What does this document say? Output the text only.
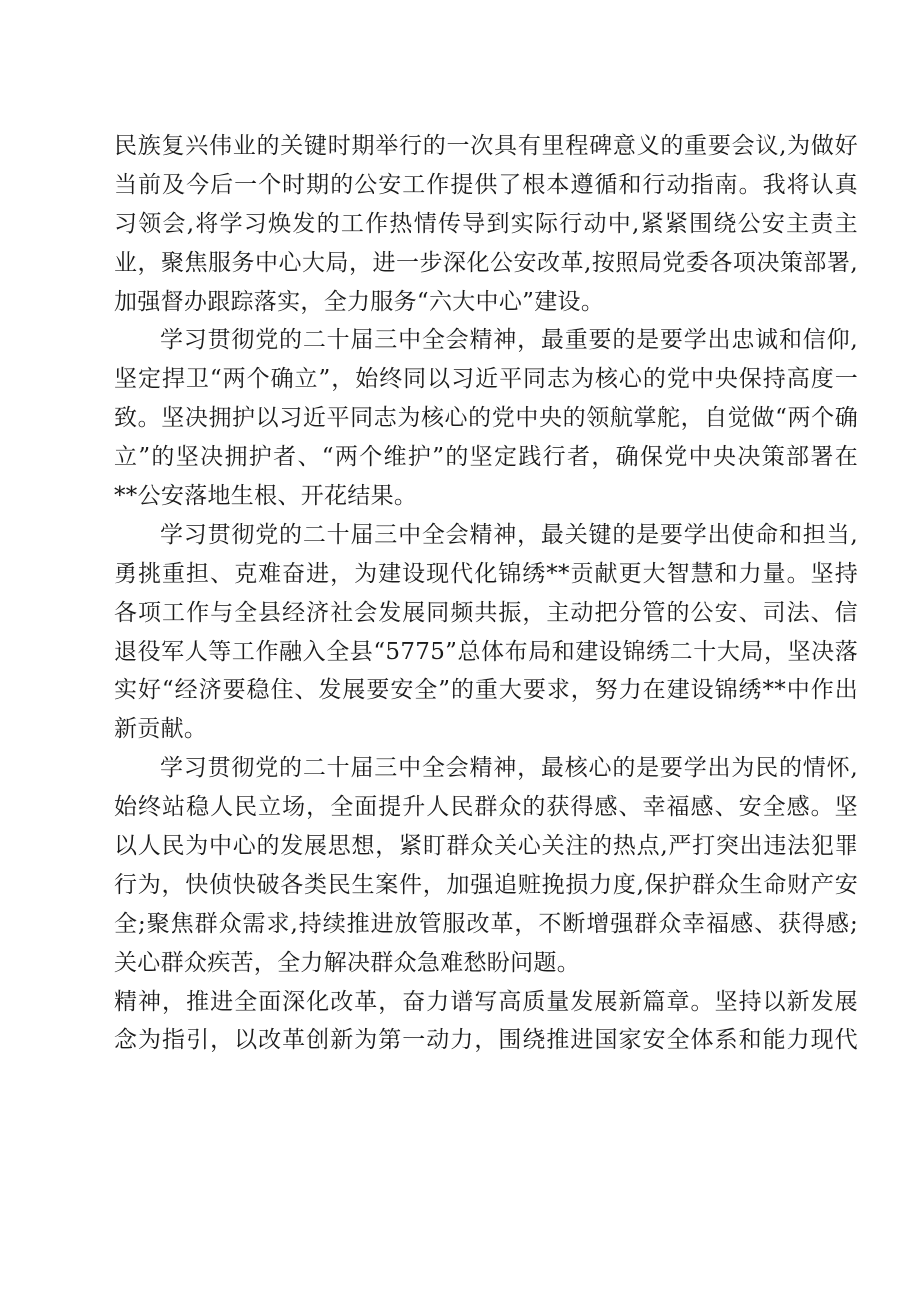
民族复兴伟业的关键时期举行的一次具有里程碑意义的重要会议,为做好
当前及今后一个时期的公安工作提供了根本遵循和行动指南。我将认真
习领会,将学习焕发的工作热情传导到实际行动中,紧紧围绕公安主责主
业，聚焦服务中心大局，进一步深化公安改革,按照局党委各项决策部署,
加强督办跟踪落实，全力服务“六大中心”建设。
学习贯彻党的二十届三中全会精神，最重要的是要学出忠诚和信仰,
坚定捍卫“两个确立”，始终同以习近平同志为核心的党中央保持高度一
致。坚决拥护以习近平同志为核心的党中央的领航掌舵，自觉做“两个确
立”的坚决拥护者、“两个维护”的坚定践行者，确保党中央决策部署在
**公安落地生根、开花结果。
学习贯彻党的二十届三中全会精神，最关键的是要学出使命和担当,
勇挑重担、克难奋进，为建设现代化锦绣**贡献更大智慧和力量。坚持
各项工作与全县经济社会发展同频共振，主动把分管的公安、司法、信
退役军人等工作融入全县“5775”总体布局和建设锦绣二十大局，坚决落
实好“经济要稳住、发展要安全”的重大要求，努力在建设锦绣**中作出
新贡献。
学习贯彻党的二十届三中全会精神，最核心的是要学出为民的情怀,
始终站稳人民立场，全面提升人民群众的获得感、幸福感、安全感。坚
以人民为中心的发展思想，紧盯群众关心关注的热点,严打突出违法犯罪
行为，快侦快破各类民生案件，加强追赃挽损力度,保护群众生命财产安
全;聚焦群众需求,持续推进放管服改革，不断增强群众幸福感、获得感;
关心群众疾苦，全力解决群众急难愁盼问题。
精神，推进全面深化改革，奋力谱写高质量发展新篇章。坚持以新发展
念为指引，以改革创新为第一动力，围绕推进国家安全体系和能力现代
